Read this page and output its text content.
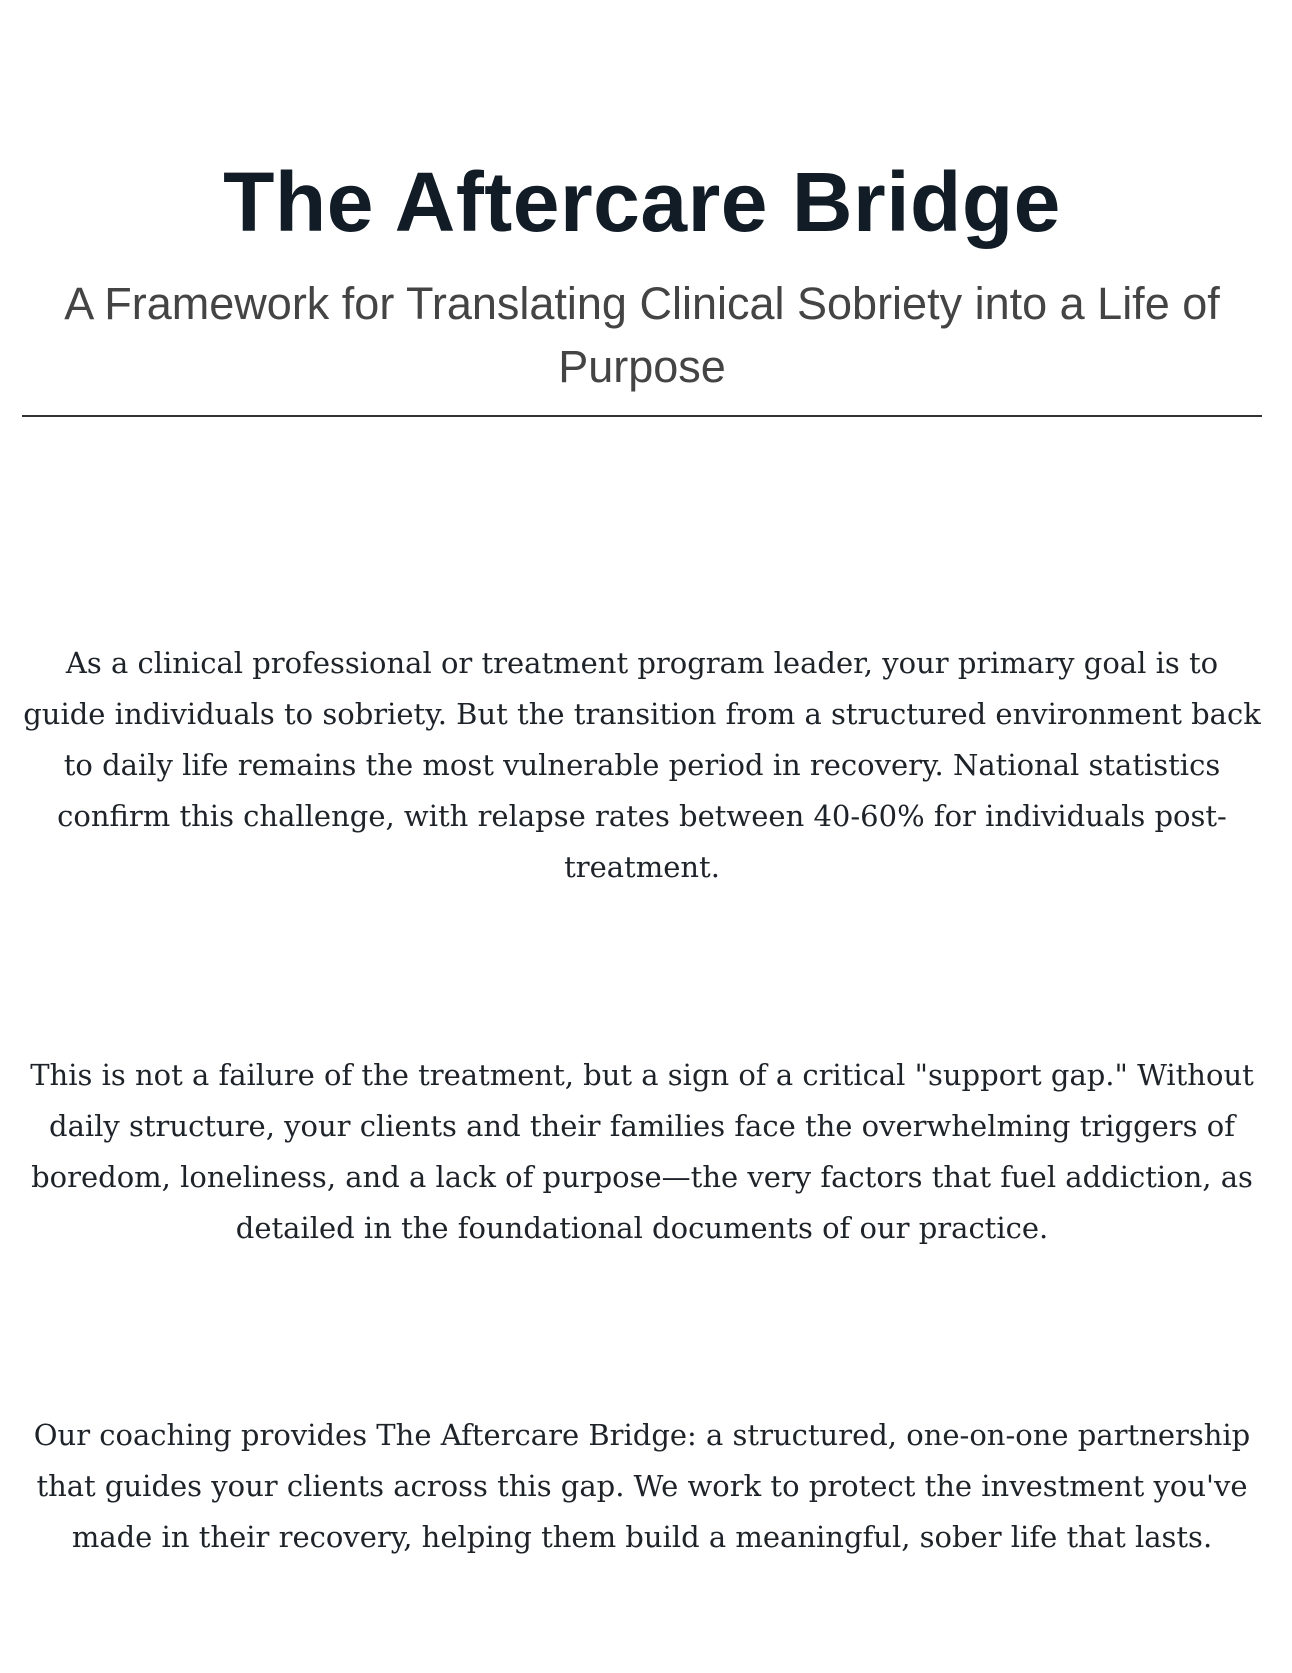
The Aftercare Bridge
A Framework for Translating Clinical Sobriety into a Life of Purpose

As a clinical professional or treatment program leader, your primary goal is to guide individuals to sobriety. But the transition from a structured environment back to daily life remains the most vulnerable period in recovery. National statistics confirm this challenge, with relapse rates between 40-60% for individuals post-treatment.

This is not a failure of the treatment, but a sign of a critical "support gap." Without daily structure, your clients and their families face the overwhelming triggers of boredom, loneliness, and a lack of purpose—the very factors that fuel addiction, as detailed in the foundational documents of our practice.

Our coaching provides The Aftercare Bridge: a structured, one-on-one partnership that guides your clients across this gap. We work to protect the investment you've made in their recovery, helping them build a meaningful, sober life that lasts.
